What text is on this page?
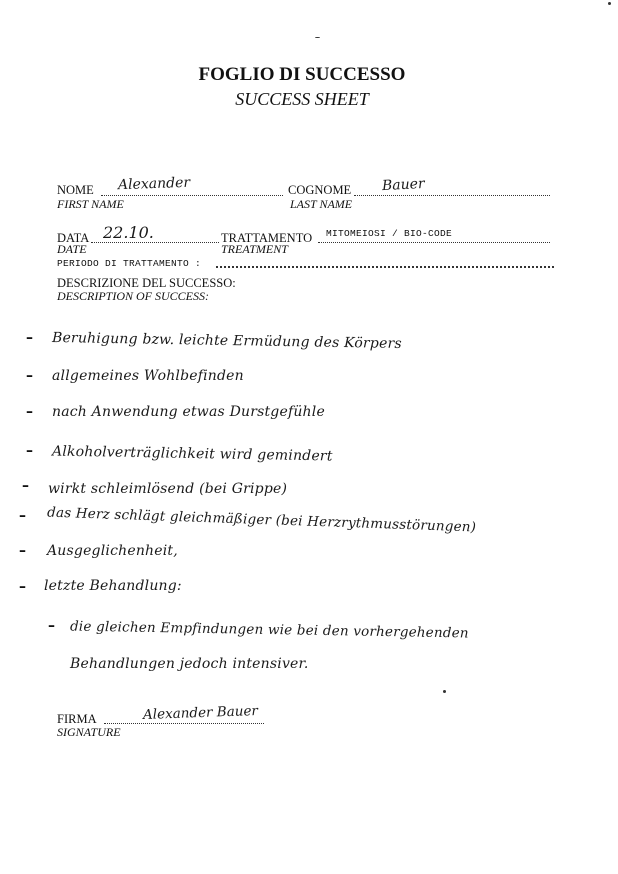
FOGLIO DI SUCCESSO
SUCCESS SHEET
NOME
FIRST NAME
Alexander	COGNOME
LAST NAME
Bauer
DATA
DATE
22.10.	TRATTAMENTO
TREATMENT
MITOMEIOSI / BIO-CODE
PERIODO DI TRATTAMENTO :
DESCRIZIONE DEL SUCCESSO:
DESCRIPTION OF SUCCESS:
– Beruhigung bzw. leichte Ermüdung des Körpers
– allgemeines Wohlbefinden
– nach Anwendung etwas Durstgefühle
– Alkoholverträglichkeit wird gemindert
– wirkt schleimlösend (bei Grippe)
– das Herz schlägt gleichmäßiger (bei Herzrythmusstörungen)
– Ausgeglichenheit,
– letzte Behandlung:
– die gleichen Empfindungen wie bei den vorhergehenden
Behandlungen jedoch intensiver.
FIRMA
SIGNATURE
Alexander Bauer
